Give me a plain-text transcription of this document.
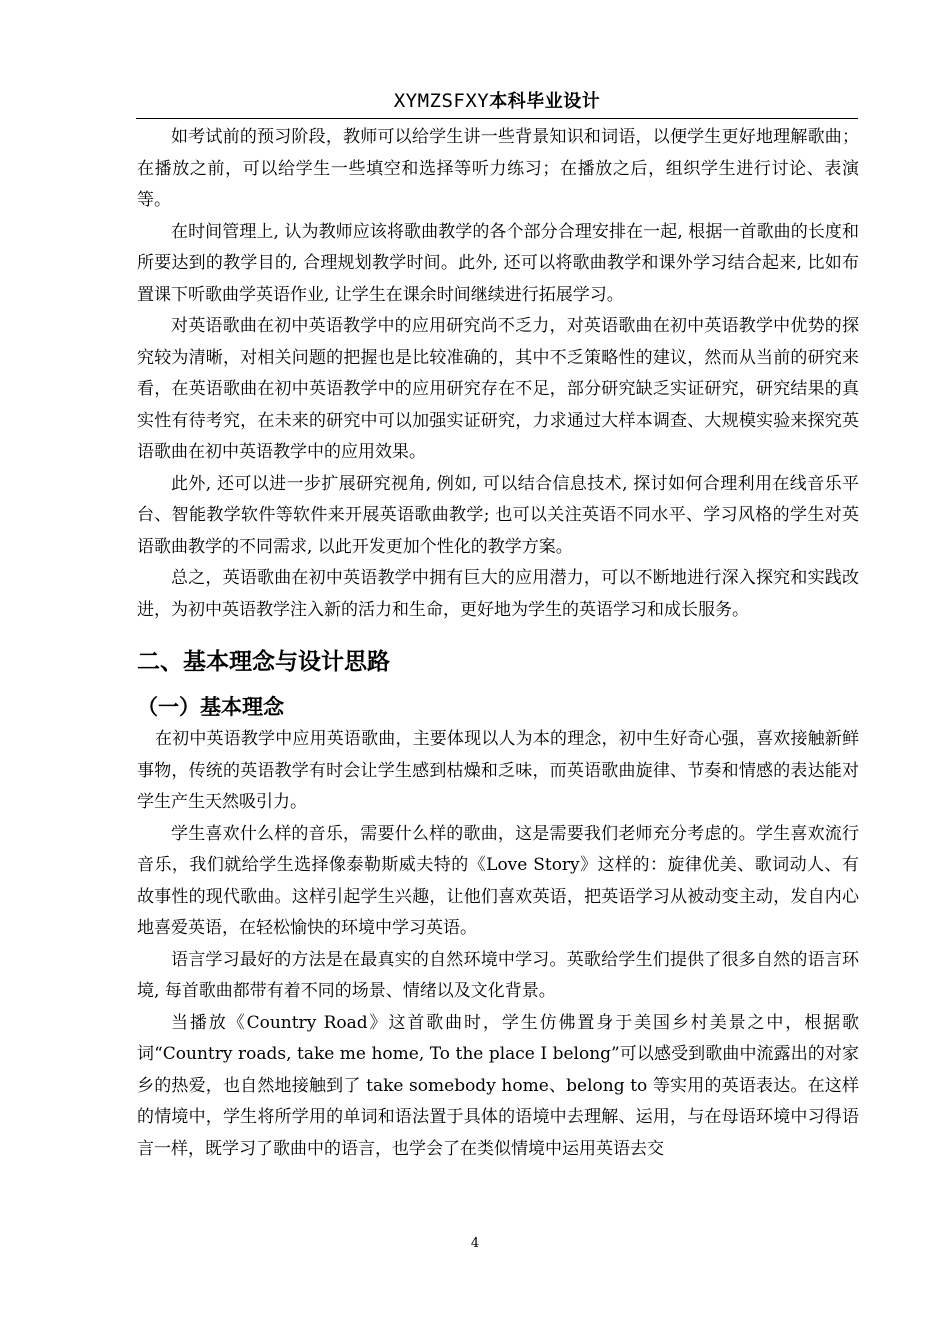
XYMZSFXY本科毕业设计

如考试前的预习阶段，教师可以给学生讲一些背景知识和词语，以便学生更好地理解歌曲；在播放之前，可以给学生一些填空和选择等听力练习；在播放之后，组织学生进行讨论、表演等。

在时间管理上, 认为教师应该将歌曲教学的各个部分合理安排在一起, 根据一首歌曲的长度和所要达到的教学目的, 合理规划教学时间。此外, 还可以将歌曲教学和课外学习结合起来, 比如布置课下听歌曲学英语作业, 让学生在课余时间继续进行拓展学习。

对英语歌曲在初中英语教学中的应用研究尚不乏力，对英语歌曲在初中英语教学中优势的探究较为清晰，对相关问题的把握也是比较准确的，其中不乏策略性的建议，然而从当前的研究来看，在英语歌曲在初中英语教学中的应用研究存在不足，部分研究缺乏实证研究，研究结果的真实性有待考究，在未来的研究中可以加强实证研究，力求通过大样本调查、大规模实验来探究英语歌曲在初中英语教学中的应用效果。

此外, 还可以进一步扩展研究视角, 例如, 可以结合信息技术, 探讨如何合理利用在线音乐平台、智能教学软件等软件来开展英语歌曲教学; 也可以关注英语不同水平、学习风格的学生对英语歌曲教学的不同需求, 以此开发更加个性化的教学方案。

总之，英语歌曲在初中英语教学中拥有巨大的应用潜力，可以不断地进行深入探究和实践改进，为初中英语教学注入新的活力和生命，更好地为学生的英语学习和成长服务。

二、基本理念与设计思路
（一）基本理念

在初中英语教学中应用英语歌曲，主要体现以人为本的理念，初中生好奇心强，喜欢接触新鲜事物，传统的英语教学有时会让学生感到枯燥和乏味，而英语歌曲旋律、节奏和情感的表达能对学生产生天然吸引力。

学生喜欢什么样的音乐，需要什么样的歌曲，这是需要我们老师充分考虑的。学生喜欢流行音乐，我们就给学生选择像泰勒斯威夫特的《Love Story》这样的：旋律优美、歌词动人、有故事性的现代歌曲。这样引起学生兴趣，让他们喜欢英语，把英语学习从被动变主动，发自内心地喜爱英语，在轻松愉快的环境中学习英语。

语言学习最好的方法是在最真实的自然环境中学习。英歌给学生们提供了很多自然的语言环境, 每首歌曲都带有着不同的场景、情绪以及文化背景。

当播放《Country Road》这首歌曲时，学生仿佛置身于美国乡村美景之中，根据歌词“Country roads, take me home, To the place I belong”可以感受到歌曲中流露出的对家乡的热爱，也自然地接触到了 take somebody home、belong to 等实用的英语表达。在这样的情境中，学生将所学用的单词和语法置于具体的语境中去理解、运用，与在母语环境中习得语言一样，既学习了歌曲中的语言，也学会了在类似情境中运用英语去交

4
